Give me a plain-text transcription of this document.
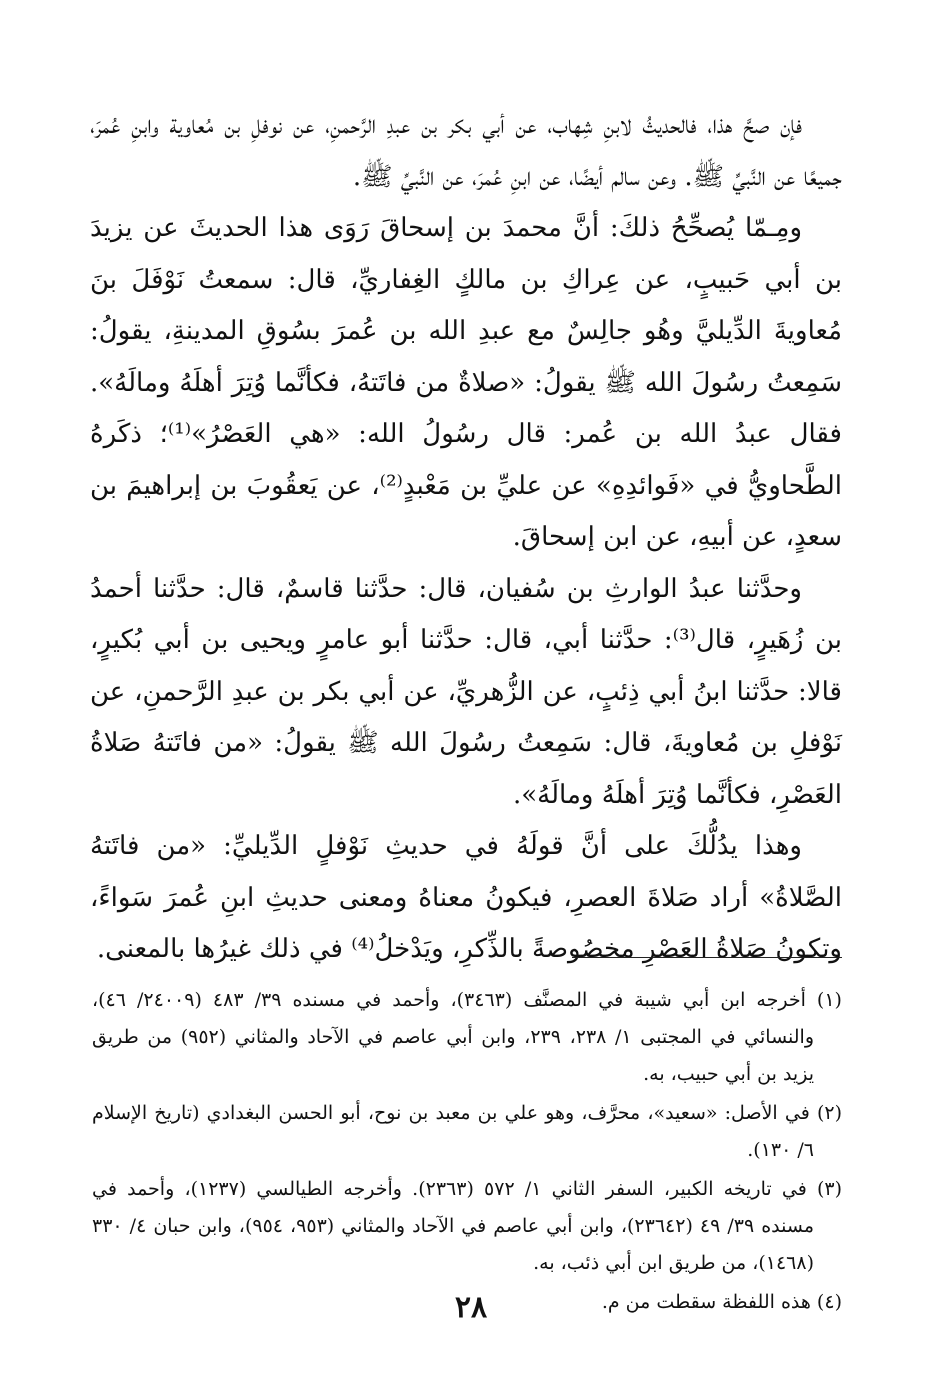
فإن صحَّ هذا، فالحديثُ لابنِ شِهاب، عن أبي بكر بن عبدِ الرَّحمنِ، عن نوفلِ بن مُعاوية وابنِ عُمرَ، جميعًا عن النَّبيِّ ﷺ. وعن سالم أيضًا، عن ابنِ عُمرَ، عن النَّبيِّ ﷺ.

ومِـمّا يُصحِّحُ ذلكَ: أنَّ محمدَ بن إسحاقَ رَوَى هذا الحديثَ عن يزيدَ بن أبي حَبيبٍ، عن عِراكِ بن مالكٍ الغِفاريِّ، قال: سمعتُ نَوْفَلَ بنَ مُعاويةَ الدِّيليَّ وهُو جالِسٌ مع عبدِ الله بن عُمرَ بسُوقِ المدينةِ، يقولُ: سَمِعتُ رسُولَ الله ﷺ يقولُ: «صلاةٌ من فاتَتهُ، فكأنَّما وُتِرَ أهلَهُ ومالَهُ». فقال عبدُ الله بن عُمر: قال رسُولُ الله: «هي العَصْرُ»⁽¹⁾؛ ذكَرهُ الطَّحاويُّ في «فَوائدِهِ» عن عليِّ بن مَعْبدٍ⁽²⁾، عن يَعقُوبَ بن إبراهيمَ بن سعدٍ، عن أبيهِ، عن ابن إسحاقَ.

وحدَّثنا عبدُ الوارثِ بن سُفيان، قال: حدَّثنا قاسمٌ، قال: حدَّثنا أحمدُ بن زُهَيرٍ، قال⁽³⁾: حدَّثنا أبي، قال: حدَّثنا أبو عامرٍ ويحيى بن أبي بُكيرٍ، قالا: حدَّثنا ابنُ أبي ذِئبٍ، عن الزُّهريِّ، عن أبي بكر بن عبدِ الرَّحمنِ، عن نَوْفلِ بن مُعاويةَ، قال: سَمِعتُ رسُولَ الله ﷺ يقولُ: «من فاتَتهُ صَلاةُ العَصْرِ، فكأنَّما وُتِرَ أهلَهُ ومالَهُ».

وهذا يدُلُّكَ على أنَّ قولَهُ في حديثِ نَوْفلٍ الدِّيليِّ: «من فاتَتهُ الصَّلاةُ» أراد صَلاةَ العصرِ، فيكونُ معناهُ ومعنى حديثِ ابنِ عُمرَ سَواءً، وتكونُ صَلاةُ العَصْرِ مخصُوصةً بالذِّكرِ، ويَدْخلُ⁽⁴⁾ في ذلك غيرُها بالمعنى.

(١) أخرجه ابن أبي شيبة في المصنَّف (٣٤٦٣)، وأحمد في مسنده ٣٩/ ٤٨٣ (٢٤٠٠٩/ ٤٦)، والنسائي في المجتبى ١/ ٢٣٨، ٢٣٩، وابن أبي عاصم في الآحاد والمثاني (٩٥٢) من طريق يزيد بن أبي حبيب، به.

(٢) في الأصل: «سعيد»، محرَّف، وهو علي بن معبد بن نوح، أبو الحسن البغدادي (تاريخ الإسلام ٦/ ١٣٠).

(٣) في تاريخه الكبير، السفر الثاني ١/ ٥٧٢ (٢٣٦٣). وأخرجه الطيالسي (١٢٣٧)، وأحمد في مسنده ٣٩/ ٤٩ (٢٣٦٤٢)، وابن أبي عاصم في الآحاد والمثاني (٩٥٣، ٩٥٤)، وابن حبان ٤/ ٣٣٠ (١٤٦٨)، من طريق ابن أبي ذئب، به.

(٤) هذه اللفظة سقطت من م.

٢٨
